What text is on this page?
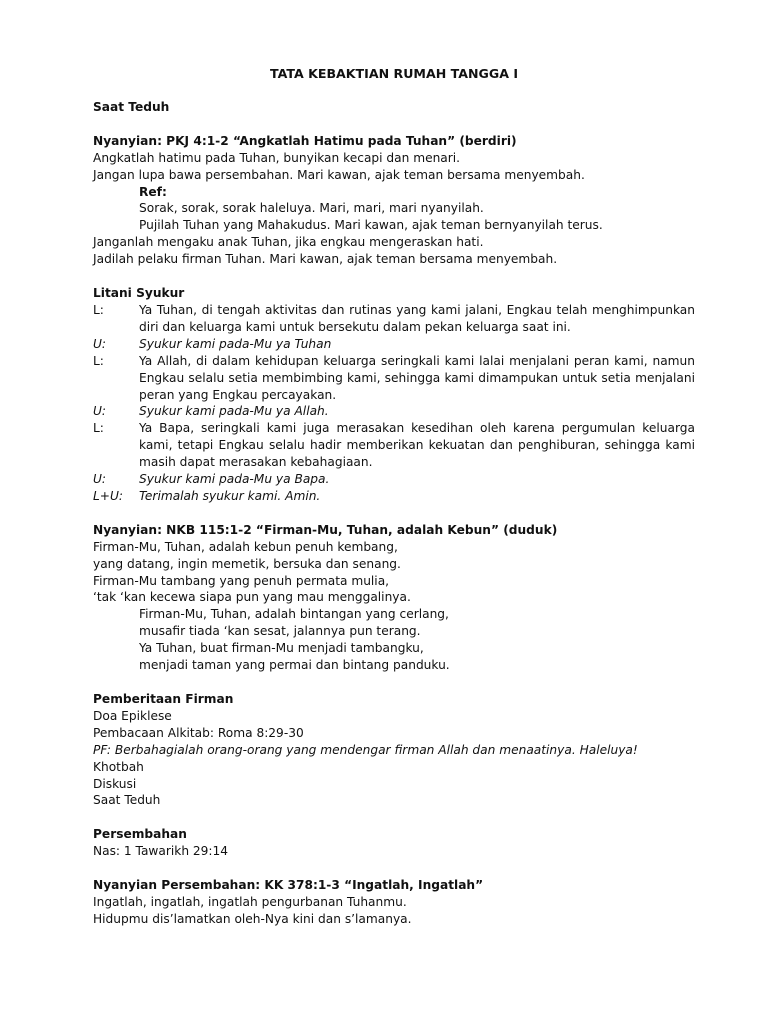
TATA KEBAKTIAN RUMAH TANGGA I
Saat Teduh
Nyanyian: PKJ 4:1-2 “Angkatlah Hatimu pada Tuhan” (berdiri)
Angkatlah hatimu pada Tuhan, bunyikan kecapi dan menari.
Jangan lupa bawa persembahan. Mari kawan, ajak teman bersama menyembah.
Ref:
Sorak, sorak, sorak haleluya. Mari, mari, mari nyanyilah.
Pujilah Tuhan yang Mahakudus. Mari kawan, ajak teman bernyanyilah terus.
Janganlah mengaku anak Tuhan, jika engkau mengeraskan hati.
Jadilah pelaku firman Tuhan. Mari kawan, ajak teman bersama menyembah.
Litani Syukur
L:	Ya Tuhan, di tengah aktivitas dan rutinas yang kami jalani, Engkau telah menghimpunkan diri dan keluarga kami untuk bersekutu dalam pekan keluarga saat ini.
U:	Syukur kami pada-Mu ya Tuhan
L:	Ya Allah, di dalam kehidupan keluarga seringkali kami lalai menjalani peran kami, namun Engkau selalu setia membimbing kami, sehingga kami dimampukan untuk setia menjalani peran yang Engkau percayakan.
U:	Syukur kami pada-Mu ya Allah.
L:	Ya Bapa, seringkali kami juga merasakan kesedihan oleh karena pergumulan keluarga kami, tetapi Engkau selalu hadir memberikan kekuatan dan penghiburan, sehingga kami masih dapat merasakan kebahagiaan.
U:	Syukur kami pada-Mu ya Bapa.
L+U:	Terimalah syukur kami. Amin.
Nyanyian: NKB 115:1-2 “Firman-Mu, Tuhan, adalah Kebun” (duduk)
Firman-Mu, Tuhan, adalah kebun penuh kembang,
yang datang, ingin memetik, bersuka dan senang.
Firman-Mu tambang yang penuh permata mulia,
‘tak ‘kan kecewa siapa pun yang mau menggalinya.
Firman-Mu, Tuhan, adalah bintangan yang cerlang,
musafir tiada ‘kan sesat, jalannya pun terang.
Ya Tuhan, buat firman-Mu menjadi tambangku,
menjadi taman yang permai dan bintang panduku.
Pemberitaan Firman
Doa Epiklese
Pembacaan Alkitab: Roma 8:29-30
PF: Berbahagialah orang-orang yang mendengar firman Allah dan menaatinya. Haleluya!
Khotbah
Diskusi
Saat Teduh
Persembahan
Nas: 1 Tawarikh 29:14
Nyanyian Persembahan: KK 378:1-3 “Ingatlah, Ingatlah”
Ingatlah, ingatlah, ingatlah pengurbanan Tuhanmu.
Hidupmu dis’lamatkan oleh-Nya kini dan s’lamanya.
